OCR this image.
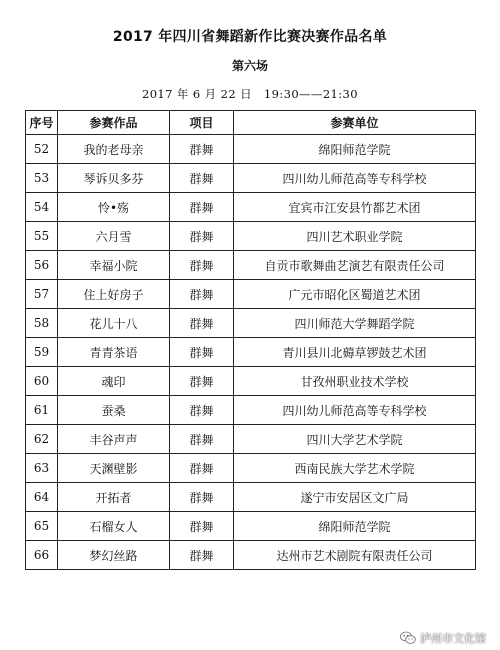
2017 年四川省舞蹈新作比赛决赛作品名单
第六场
2017 年 6 月 22 日　19:30——21:30
序号	参赛作品	项目	参赛单位
52	我的老母亲	群舞	绵阳师范学院
53	琴诉贝多芬	群舞	四川幼儿师范高等专科学校
54	怜•殇	群舞	宜宾市江安县竹都艺术团
55	六月雪	群舞	四川艺术职业学院
56	幸福小院	群舞	自贡市歌舞曲艺演艺有限责任公司
57	住上好房子	群舞	广元市昭化区蜀道艺术团
58	花儿十八	群舞	四川师范大学舞蹈学院
59	青青茶语	群舞	青川县川北薅草锣鼓艺术团
60	魂印	群舞	甘孜州职业技术学校
61	蚕桑	群舞	四川幼儿师范高等专科学校
62	丰谷声声	群舞	四川大学艺术学院
63	天渊壁影	群舞	西南民族大学艺术学院
64	开拓者	群舞	遂宁市安居区文广局
65	石榴女人	群舞	绵阳师范学院
66	梦幻丝路	群舞	达州市艺术剧院有限责任公司
泸州市文化馆
